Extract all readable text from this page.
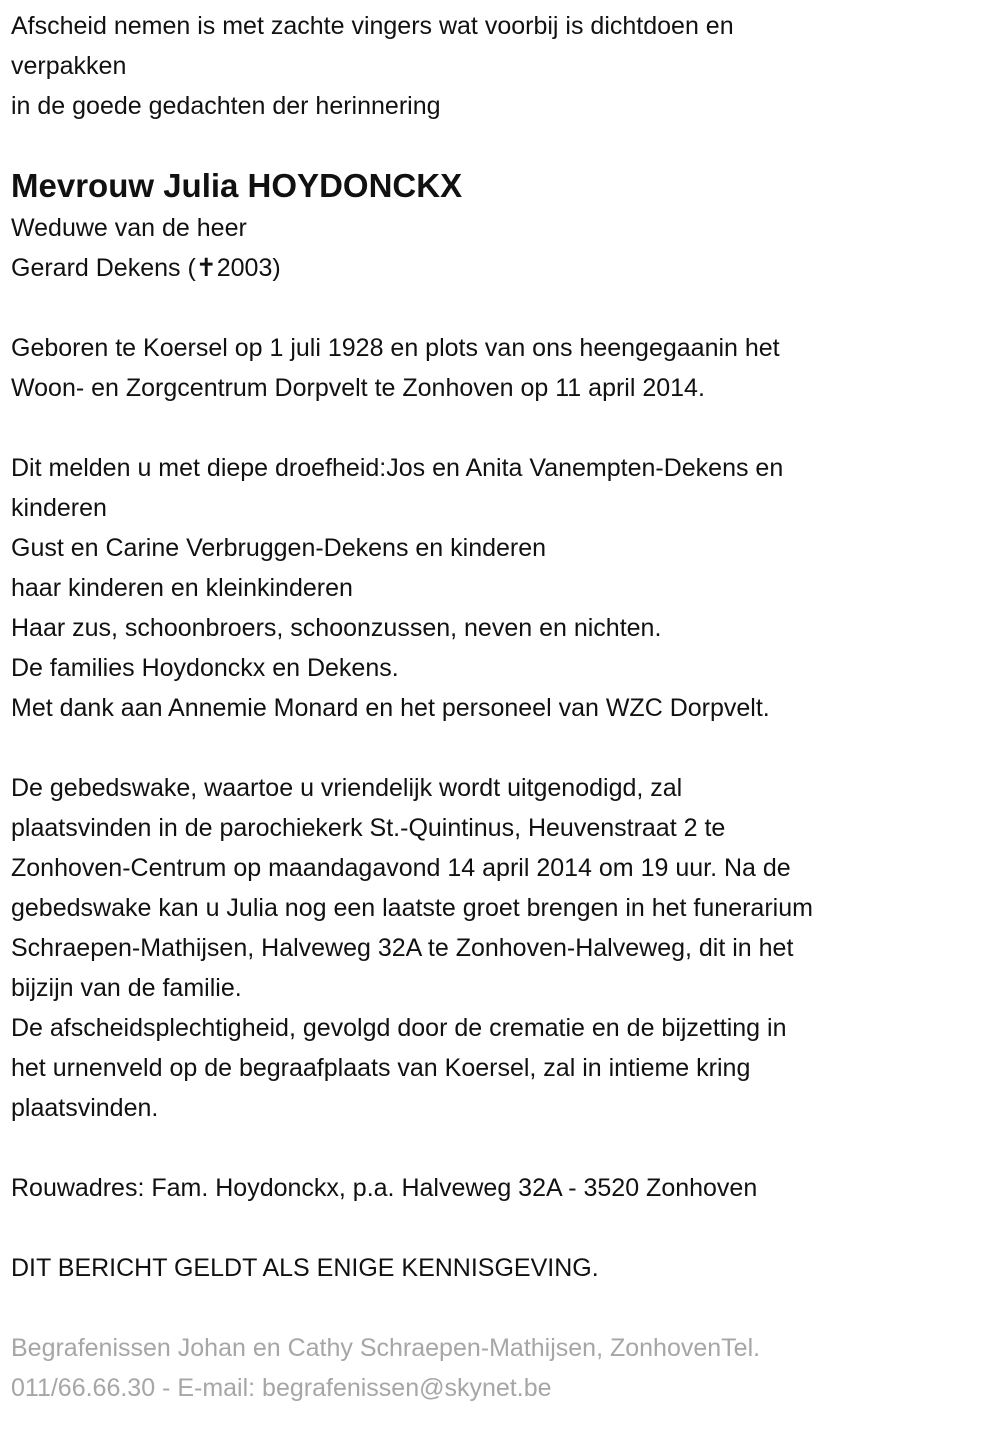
Afscheid nemen is met zachte vingers wat voorbij is dichtdoen en
verpakken
in de goede gedachten der herinnering
Mevrouw Julia HOYDONCKX
Weduwe van de heer
Gerard Dekens (✝2003)
Geboren te Koersel op 1 juli 1928 en plots van ons heengegaanin het
Woon- en Zorgcentrum Dorpvelt te Zonhoven op 11 april 2014.
Dit melden u met diepe droefheid:Jos en Anita Vanempten-Dekens en
kinderen
Gust en Carine Verbruggen-Dekens en kinderen
haar kinderen en kleinkinderen
Haar zus, schoonbroers, schoonzussen, neven en nichten.
De families Hoydonckx en Dekens.
Met dank aan Annemie Monard en het personeel van WZC Dorpvelt.
De gebedswake, waartoe u vriendelijk wordt uitgenodigd, zal
plaatsvinden in de parochiekerk St.-Quintinus, Heuvenstraat 2 te
Zonhoven-Centrum op maandagavond 14 april 2014 om 19 uur. Na de
gebedswake kan u Julia nog een laatste groet brengen in het funerarium
Schraepen-Mathijsen, Halveweg 32A te Zonhoven-Halveweg, dit in het
bijzijn van de familie.
De afscheidsplechtigheid, gevolgd door de crematie en de bijzetting in
het urnenveld op de begraafplaats van Koersel, zal in intieme kring
plaatsvinden.
Rouwadres: Fam. Hoydonckx, p.a. Halveweg 32A - 3520 Zonhoven
DIT BERICHT GELDT ALS ENIGE KENNISGEVING.
Begrafenissen Johan en Cathy Schraepen-Mathijsen, ZonhovenTel.
011/66.66.30 - E-mail: begrafenissen@skynet.be
